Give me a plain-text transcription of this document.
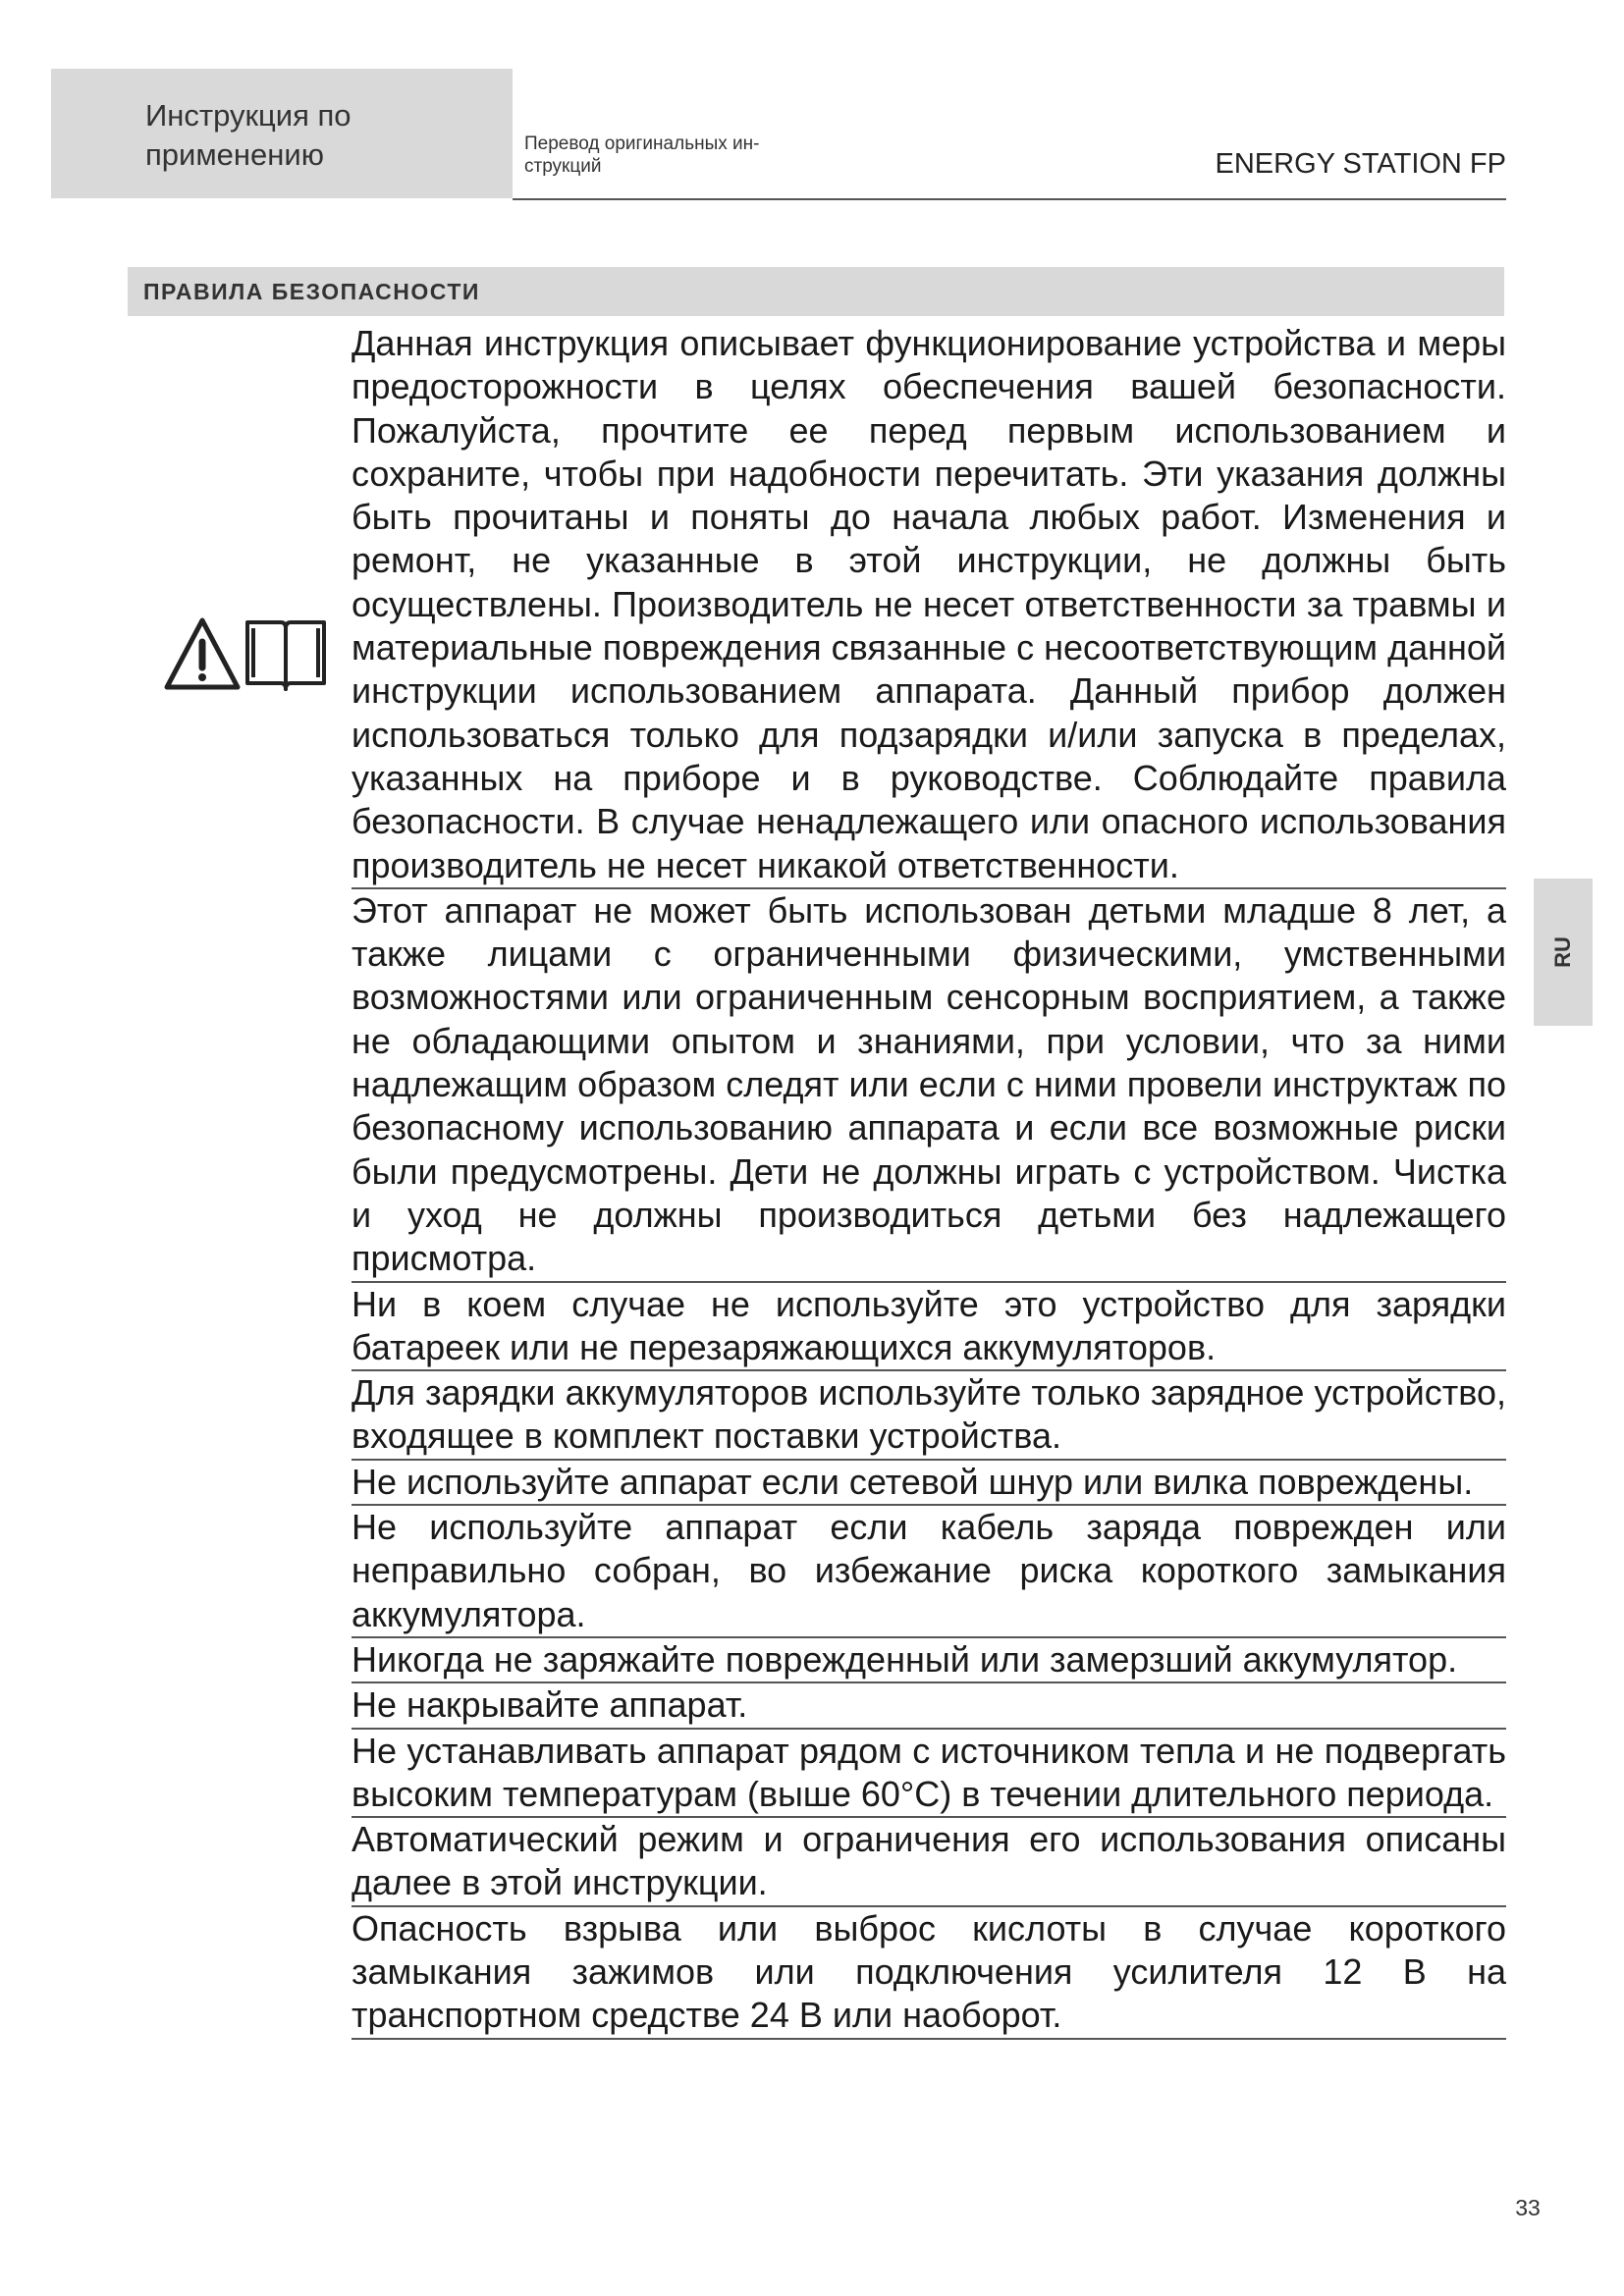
Инструкция по применению	Перевод оригинальных ин-струкций	ENERGY STATION FP
ПРАВИЛА БЕЗОПАСНОСТИ
RU
Данная инструкция описывает функционирование устройства и меры предосторожности в целях обеспечения вашей безопасности. Пожалуйста, прочтите ее перед первым использованием и сохраните, чтобы при надобности перечитать. Эти указания должны быть прочитаны и поняты до начала любых работ. Изменения и ремонт, не указанные в этой инструкции, не должны быть осуществлены. Производитель не несет ответственности за травмы и материальные повреждения связанные с несоответствующим данной инструкции использованием аппарата. Данный прибор должен использоваться только для подзарядки и/или запуска в пределах, указанных на приборе и в руководстве. Соблюдайте правила безопасности. В случае ненадлежащего или опасного использования производитель не несет никакой ответственности.
Этот аппарат не может быть использован детьми младше 8 лет, а также лицами с ограниченными физическими, умственными возможностями или ограниченным сенсорным восприятием, а также не обладающими опытом и знаниями, при условии, что за ними надлежащим образом следят или если с ними провели инструктаж по безопасному использованию аппарата и если все возможные риски были предусмотрены. Дети не должны играть с устройством. Чистка и уход не должны производиться детьми без надлежащего присмотра.
Ни в коем случае не используйте это устройство для зарядки батареек или не перезаряжающихся аккумуляторов.
Для зарядки аккумуляторов используйте только зарядное устройство, входящее в комплект поставки устройства.
Не используйте аппарат если сетевой шнур или вилка повреждены.
Не используйте аппарат если кабель заряда поврежден или неправильно собран, во избежание риска короткого замыкания аккумулятора.
Никогда не заряжайте поврежденный или замерзший аккумулятор.
Не накрывайте аппарат.
Не устанавливать аппарат рядом с источником тепла и не подвергать высоким температурам (выше 60°С) в течении длительного периода.
Автоматический режим и ограничения его использования описаны далее в этой инструкции.
Опасность взрыва или выброс кислоты в случае короткого замыкания зажимов или подключения усилителя 12 В на транспортном средстве 24 В или наоборот.
33
